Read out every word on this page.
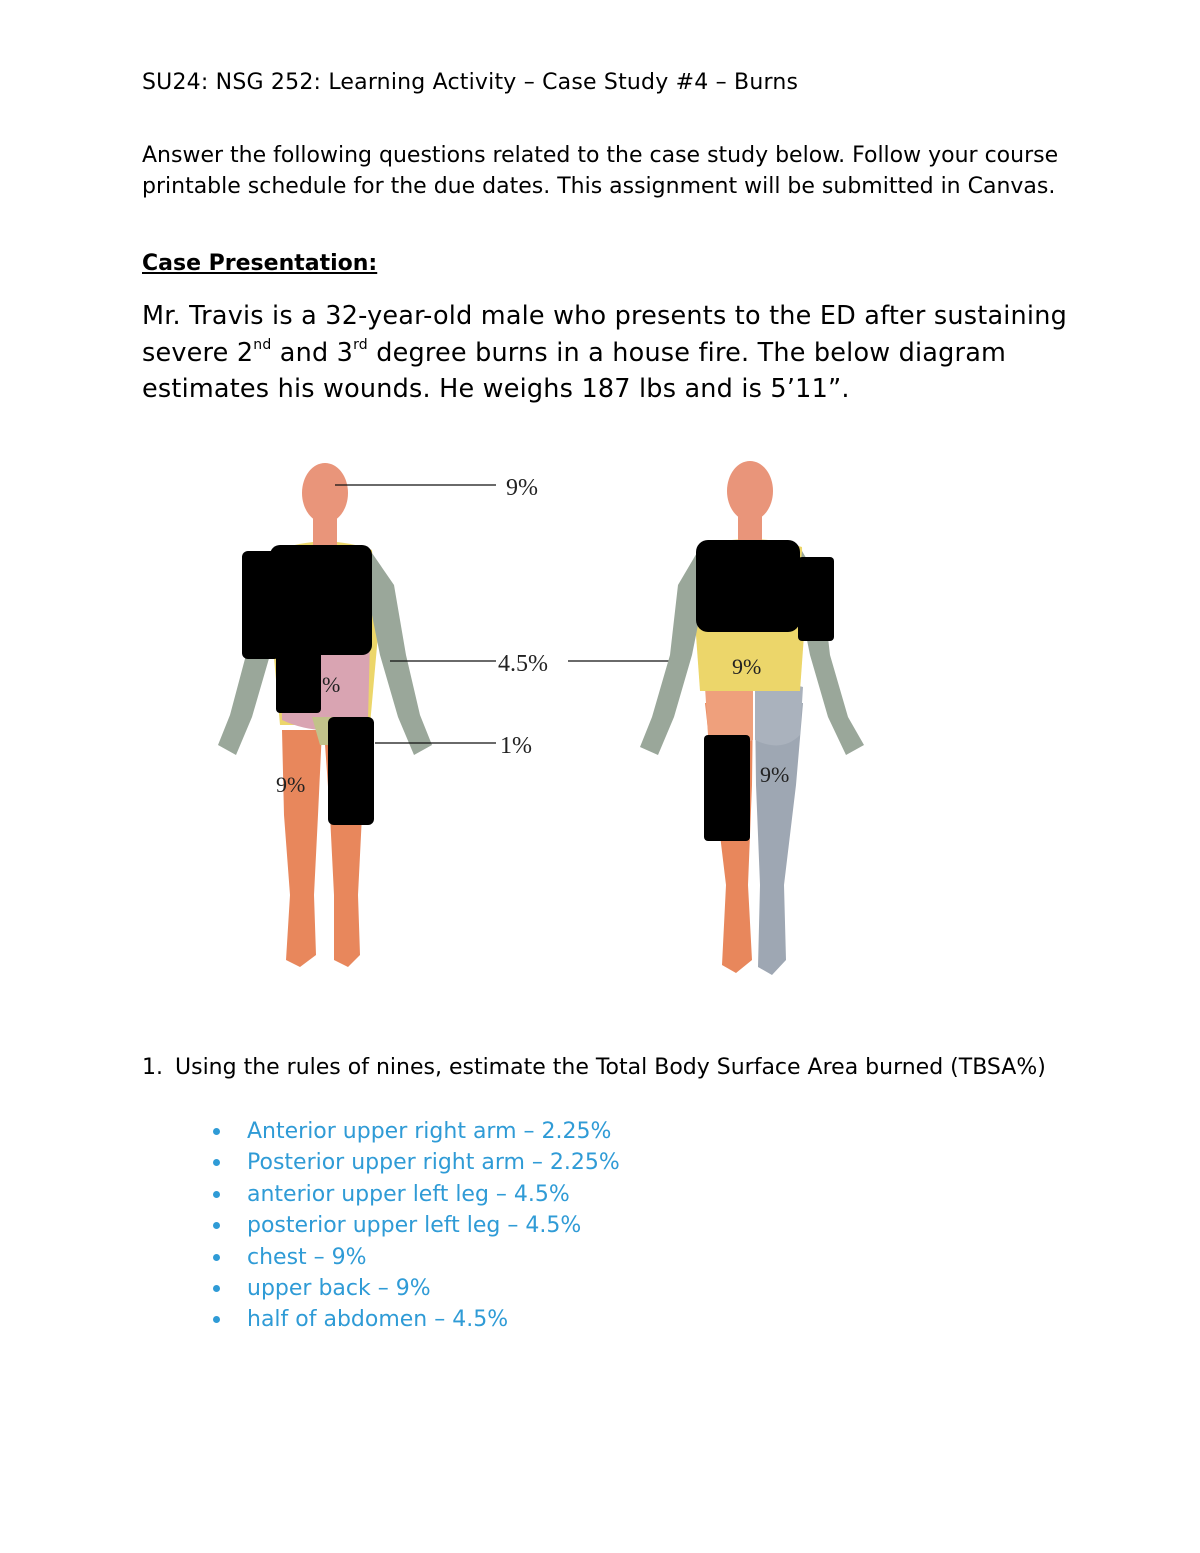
SU24: NSG 252: Learning Activity – Case Study #4 – Burns
Answer the following questions related to the case study below. Follow your course printable schedule for the due dates. This assignment will be submitted in Canvas.
Case Presentation:
Mr. Travis is a 32-year-old male who presents to the ED after sustaining severe 2nd and 3rd degree burns in a house fire. The below diagram estimates his wounds. He weighs 187 lbs and is 5’11”.
%
9%
9%
4.5%
1%
9%
9%
1. Using the rules of nines, estimate the Total Body Surface Area burned (TBSA%)
Anterior upper right arm – 2.25%
Posterior upper right arm – 2.25%
anterior upper left leg – 4.5%
posterior upper left leg – 4.5%
chest – 9%
upper back – 9%
half of abdomen – 4.5%
